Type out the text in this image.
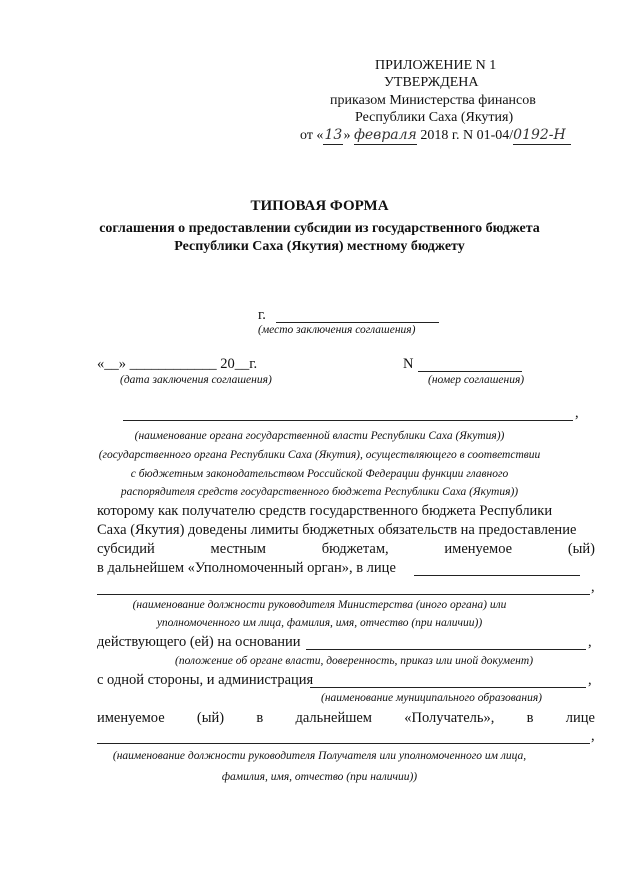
ПРИЛОЖЕНИЕ N 1
УТВЕРЖДЕНА
приказом Министерства финансов
Республики Саха (Якутия)
от «13» февраля 2018 г. N 01-04/0192-Н
ТИПОВАЯ ФОРМА
соглашения о предоставлении субсидии из государственного бюджета
Республики Саха (Якутия) местному бюджету
г.
(место заключения соглашения)
«__» ____________ 20__г.
(дата заключения соглашения)
N
(номер соглашения)
,
(наименование органа государственной власти Республики Саха (Якутия))
(государственного органа Республики Саха (Якутия), осуществляющего в соответствии
с бюджетным законодательством Российской Федерации функции главного
распорядителя средств государственного бюджета Республики Саха (Якутия))
которому как получателю средств государственного бюджета Республики
Саха (Якутия) доведены лимиты бюджетных обязательств на предоставление
субсидий	местным	бюджетам,	именуемое	(ый)
в дальнейшем «Уполномоченный орган», в лице
,
(наименование должности руководителя Министерства (иного органа) или
уполномоченного им лица, фамилия, имя, отчество (при наличии))
действующего (ей) на основании	,
(положение об органе власти, доверенность, приказ или иной документ)
с одной стороны, и администрация	,
(наименование муниципального образования)
именуемое (ый) в дальнейшем «Получатель», в лице
,
(наименование должности руководителя Получателя или уполномоченного им лица,
фамилия, имя, отчество (при наличии))
